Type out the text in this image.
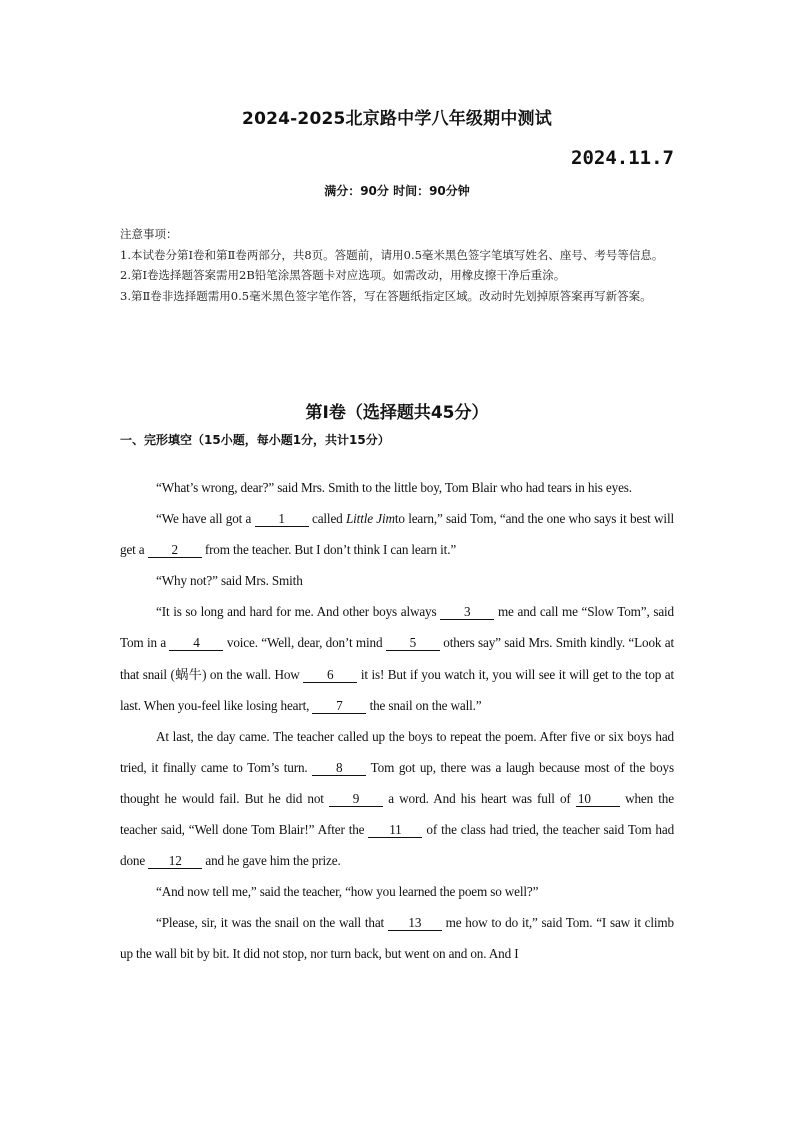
2024-2025北京路中学八年级期中测试
2024.11.7
满分：90分 时间：90分钟

注意事项：

1.本试卷分第Ⅰ卷和第Ⅱ卷两部分，共8页。答题前，请用0.5毫米黑色签字笔填写姓名、座号、考号等信息。

2.第Ⅰ卷选择题答案需用2B铅笔涂黑答题卡对应选项。如需改动，用橡皮擦干净后重涂。

3.第Ⅱ卷非选择题需用0.5毫米黑色签字笔作答，写在答题纸指定区域。改动时先划掉原答案再写新答案。

第Ⅰ卷（选择题共45分）
一、完形填空（15小题，每小题1分，共计15分）

“What’s wrong, dear?” said Mrs. Smith to the little boy, Tom Blair who had tears in his eyes.

“We have all got a 1 called Little Jimto learn,” said Tom, “and the one who says it best will get a 2 from the teacher. But I don’t think I can learn it.”

“Why not?” said Mrs. Smith

“It is so long and hard for me. And other boys always 3 me and call me “Slow Tom”, said Tom in a 4 voice. “Well, dear, don’t mind 5 others say” said Mrs. Smith kindly. “Look at that snail (蜗牛) on the wall. How 6 it is! But if you watch it, you will see it will get to the top at last. When you-feel like losing heart, 7 the snail on the wall.”

At last, the day came. The teacher called up the boys to repeat the poem. After five or six boys had tried, it finally came to Tom’s turn. 8 Tom got up, there was a laugh because most of the boys thought he would fail. But he did not 9 a word. And his heart was full of 10	when the teacher said, “Well done Tom Blair!” After the 11 of the class had tried, the teacher said Tom had done 12 and he gave him the prize.

“And now tell me,” said the teacher, “how you learned the poem so well?”

“Please, sir, it was the snail on the wall that 13 me how to do it,” said Tom. “I saw it climb up the wall bit by bit. It did not stop, nor turn back, but went on and on. And I
